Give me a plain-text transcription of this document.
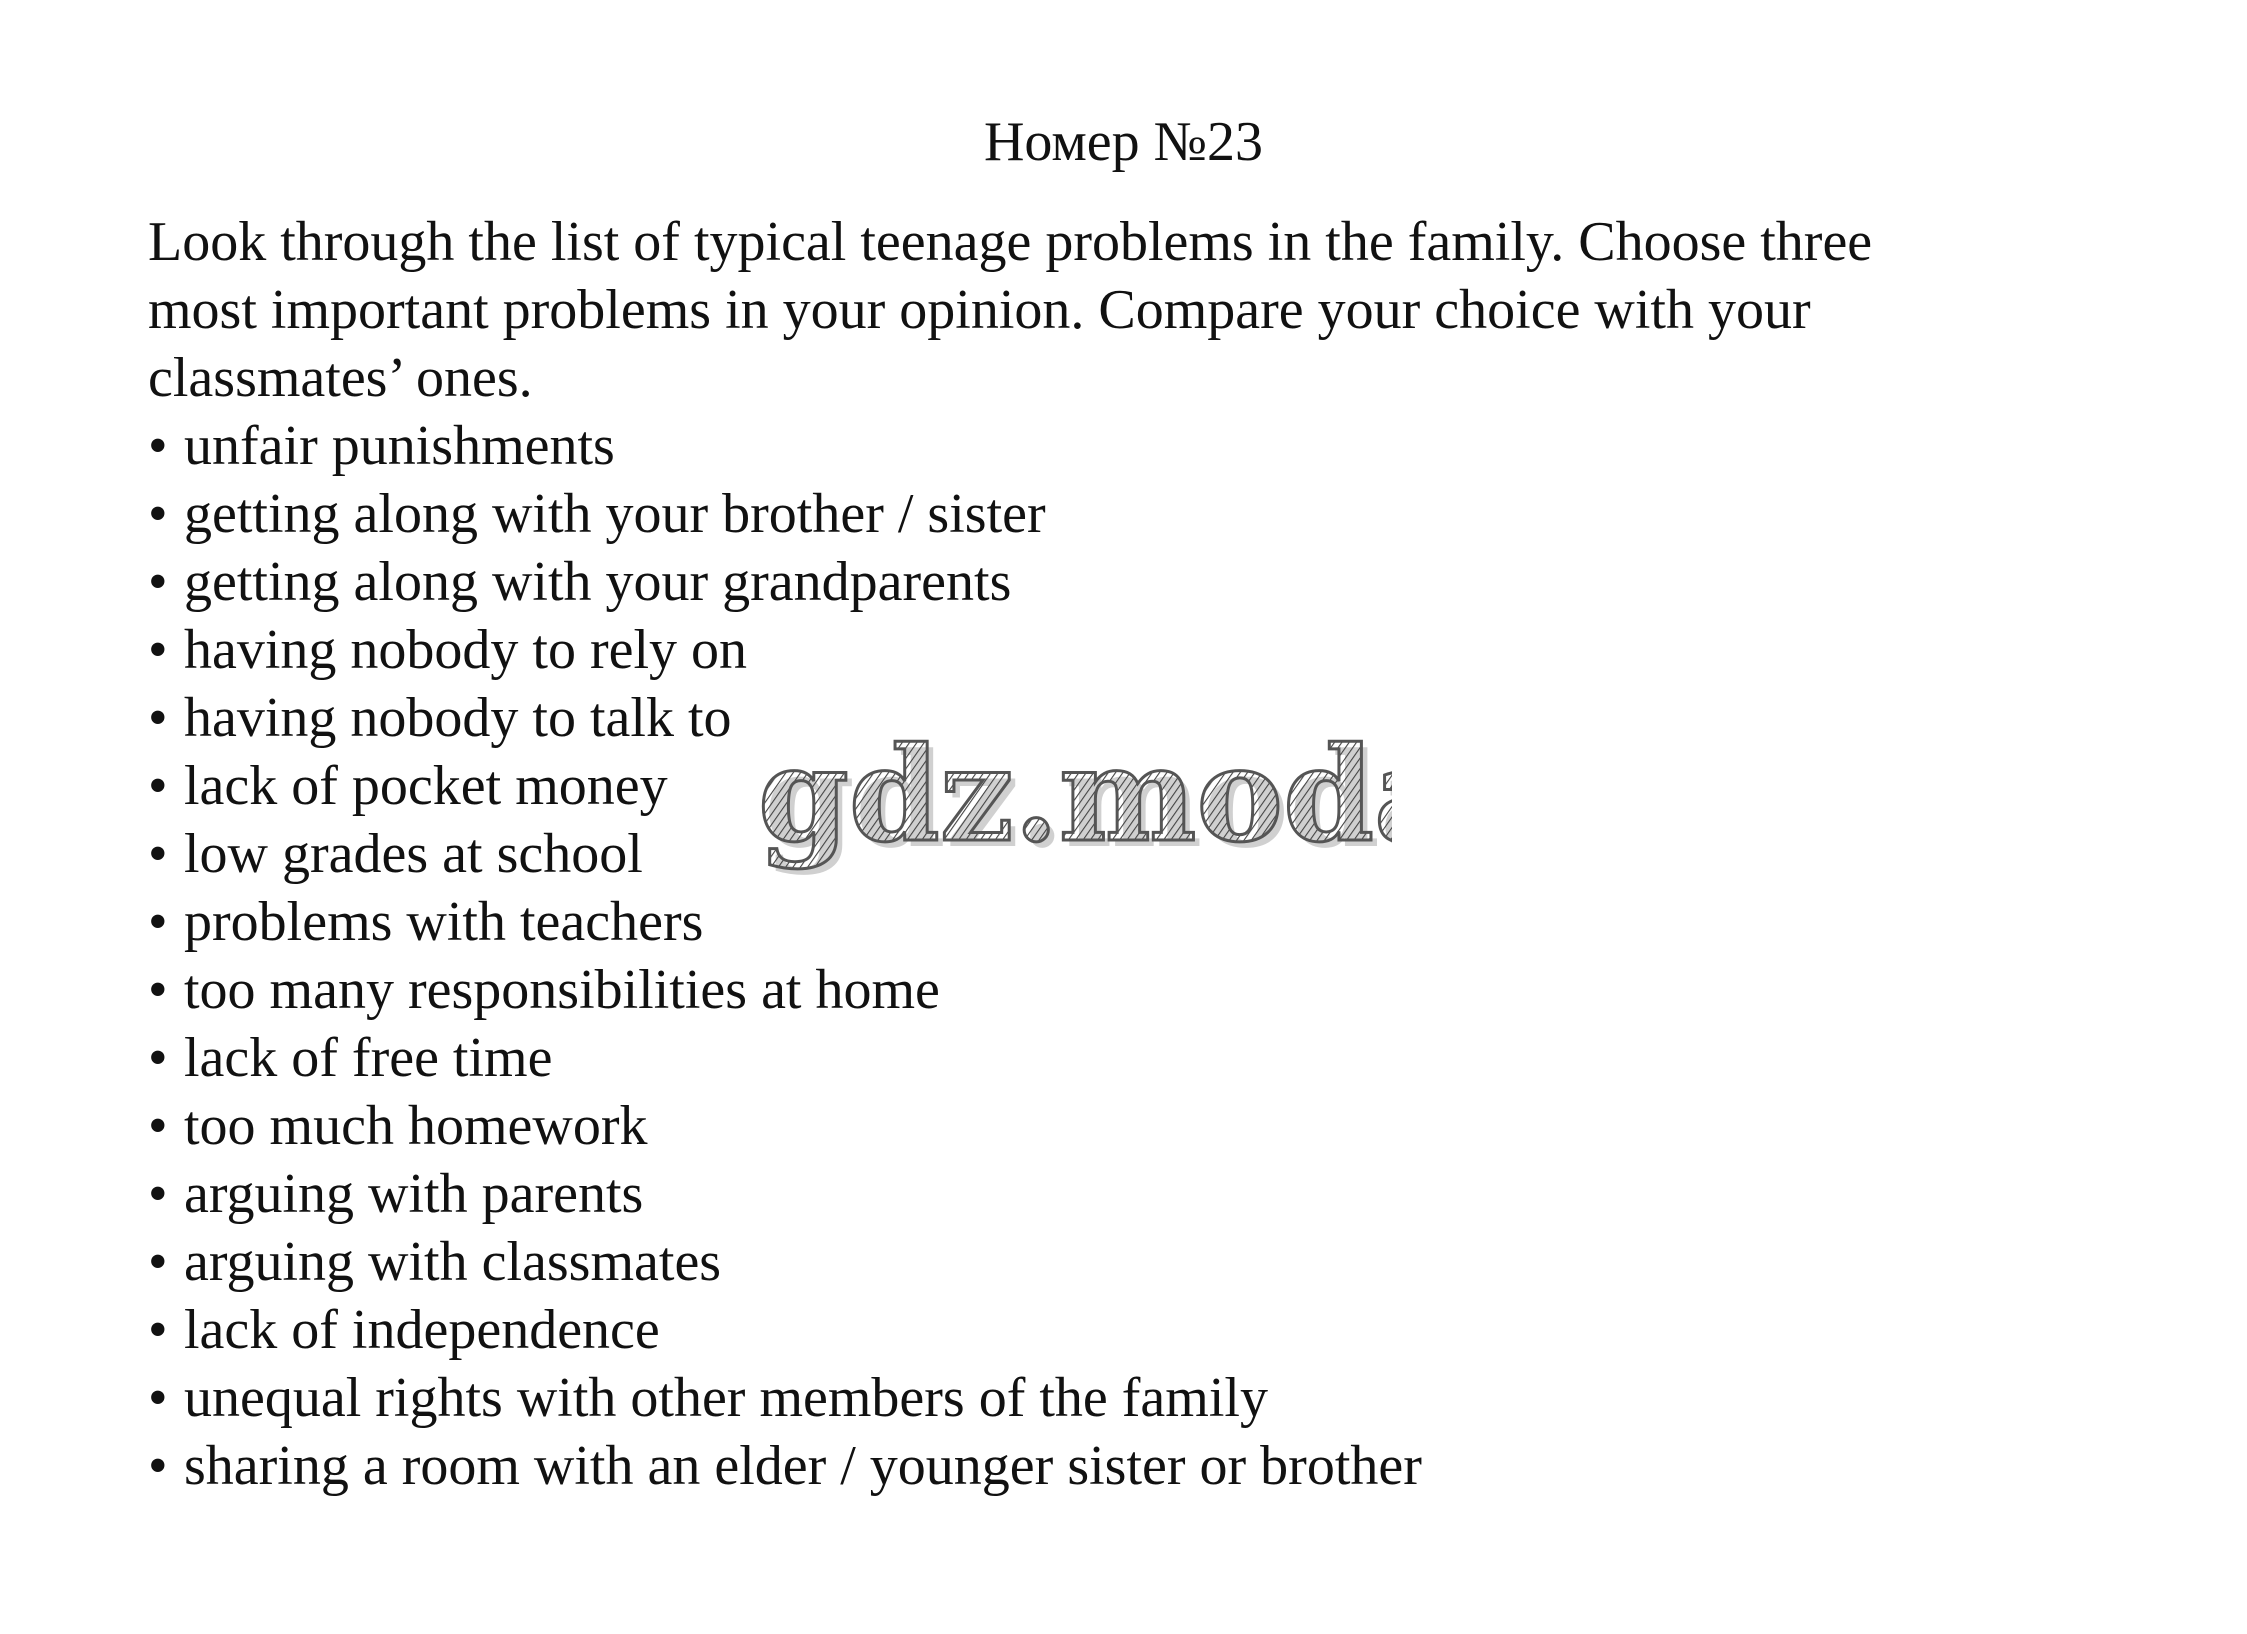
Номер №23

Look through the list of typical teenage problems in the family. Choose three
most important problems in your opinion. Compare your choice with your
classmates’ ones.

• unfair punishments
• getting along with your brother / sister
• getting along with your grandparents
• having nobody to rely on
• having nobody to talk to
• lack of pocket money
• low grades at school
• problems with teachers
• too many responsibilities at home
• lack of free time
• too much homework
• arguing with parents
• arguing with classmates
• lack of independence
• unequal rights with other members of the family
• sharing a room with an elder / younger sister or brother
gdz.mod
gdz.moda
